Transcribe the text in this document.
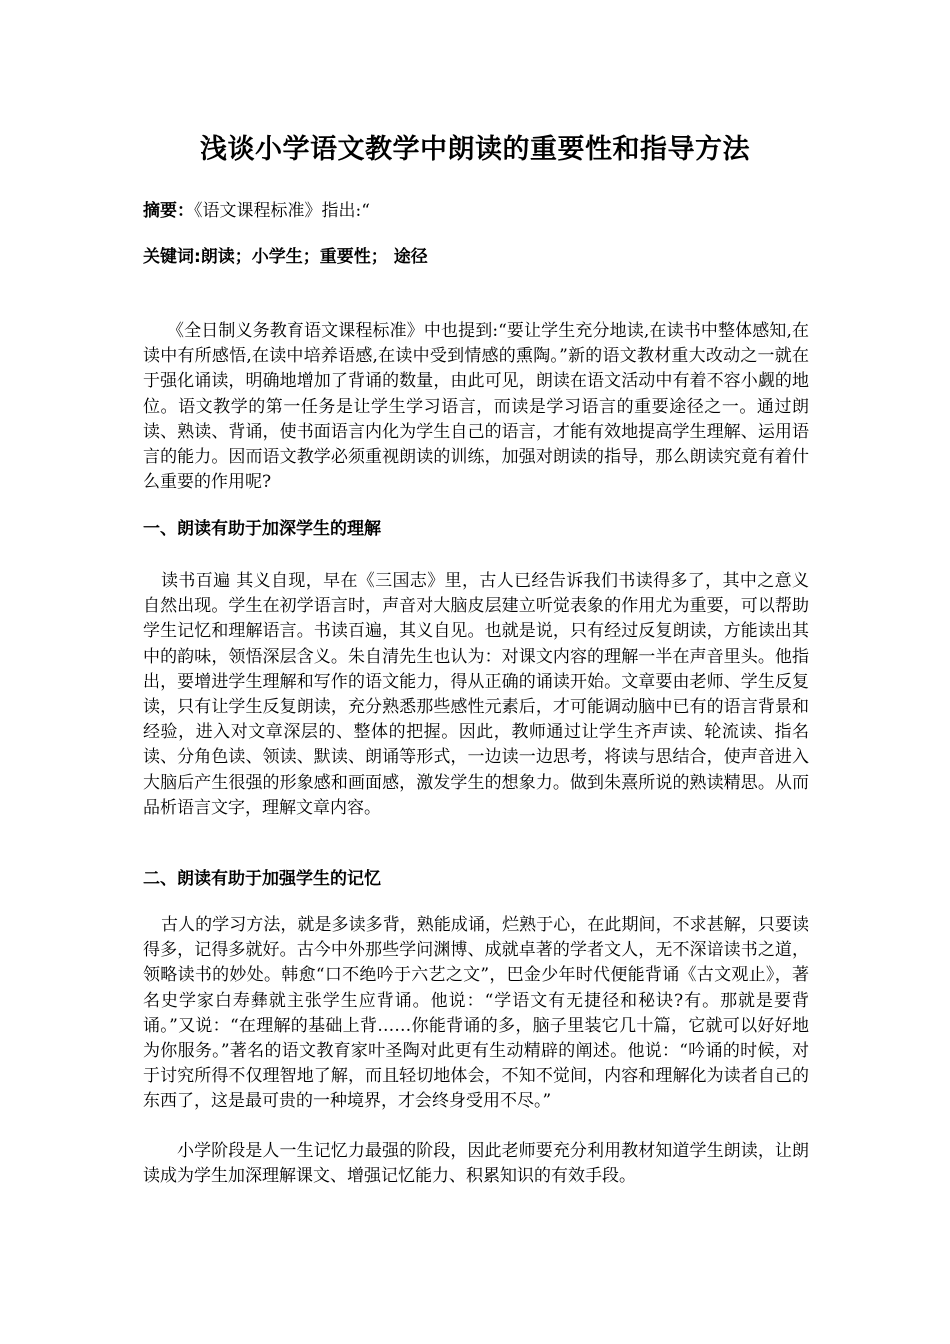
浅谈小学语文教学中朗读的重要性和指导方法
摘要：《语文课程标准》指出:“
关键词:朗读；小学生；重要性； 途径

《全日制义务教育语文课程标准》中也提到:“要让学生充分地读,在读书中整体感知,在读中有所感悟,在读中培养语感,在读中受到情感的熏陶。”新的语文教材重大改动之一就在于强化诵读，明确地增加了背诵的数量，由此可见，朗读在语文活动中有着不容小觑的地位。语文教学的第一任务是让学生学习语言，而读是学习语言的重要途径之一。通过朗读、熟读、背诵，使书面语言内化为学生自己的语言，才能有效地提高学生理解、运用语言的能力。因而语文教学必须重视朗读的训练，加强对朗读的指导，那么朗读究竟有着什么重要的作用呢?

一、朗读有助于加深学生的理解

读书百遍 其义自现，早在《三国志》里，古人已经告诉我们书读得多了，其中之意义自然出现。学生在初学语言时，声音对大脑皮层建立听觉表象的作用尤为重要，可以帮助学生记忆和理解语言。书读百遍，其义自见。也就是说，只有经过反复朗读，方能读出其中的韵味，领悟深层含义。朱自清先生也认为：对课文内容的理解一半在声音里头。他指出，要增进学生理解和写作的语文能力，得从正确的诵读开始。文章要由老师、学生反复读，只有让学生反复朗读，充分熟悉那些感性元素后，才可能调动脑中已有的语言背景和经验，进入对文章深层的、整体的把握。因此，教师通过让学生齐声读、轮流读、指名读、分角色读、领读、默读、朗诵等形式，一边读一边思考，将读与思结合，使声音进入大脑后产生很强的形象感和画面感，激发学生的想象力。做到朱熹所说的熟读精思。从而品析语言文字，理解文章内容。

二、朗读有助于加强学生的记忆

古人的学习方法，就是多读多背，熟能成诵，烂熟于心，在此期间，不求甚解，只要读得多，记得多就好。古今中外那些学问渊博、成就卓著的学者文人，无不深谙读书之道，领略读书的妙处。韩愈“口不绝吟于六艺之文”，巴金少年时代便能背诵《古文观止》，著名史学家白寿彝就主张学生应背诵。他说：“学语文有无捷径和秘诀?有。那就是要背诵。”又说：“在理解的基础上背……你能背诵的多，脑子里装它几十篇，它就可以好好地为你服务。”著名的语文教育家叶圣陶对此更有生动精辟的阐述。他说：“吟诵的时候，对于讨究所得不仅理智地了解，而且轻切地体会，不知不觉间，内容和理解化为读者自己的东西了，这是最可贵的一种境界，才会终身受用不尽。”

小学阶段是人一生记忆力最强的阶段，因此老师要充分利用教材知道学生朗读，让朗读成为学生加深理解课文、增强记忆能力、积累知识的有效手段。
